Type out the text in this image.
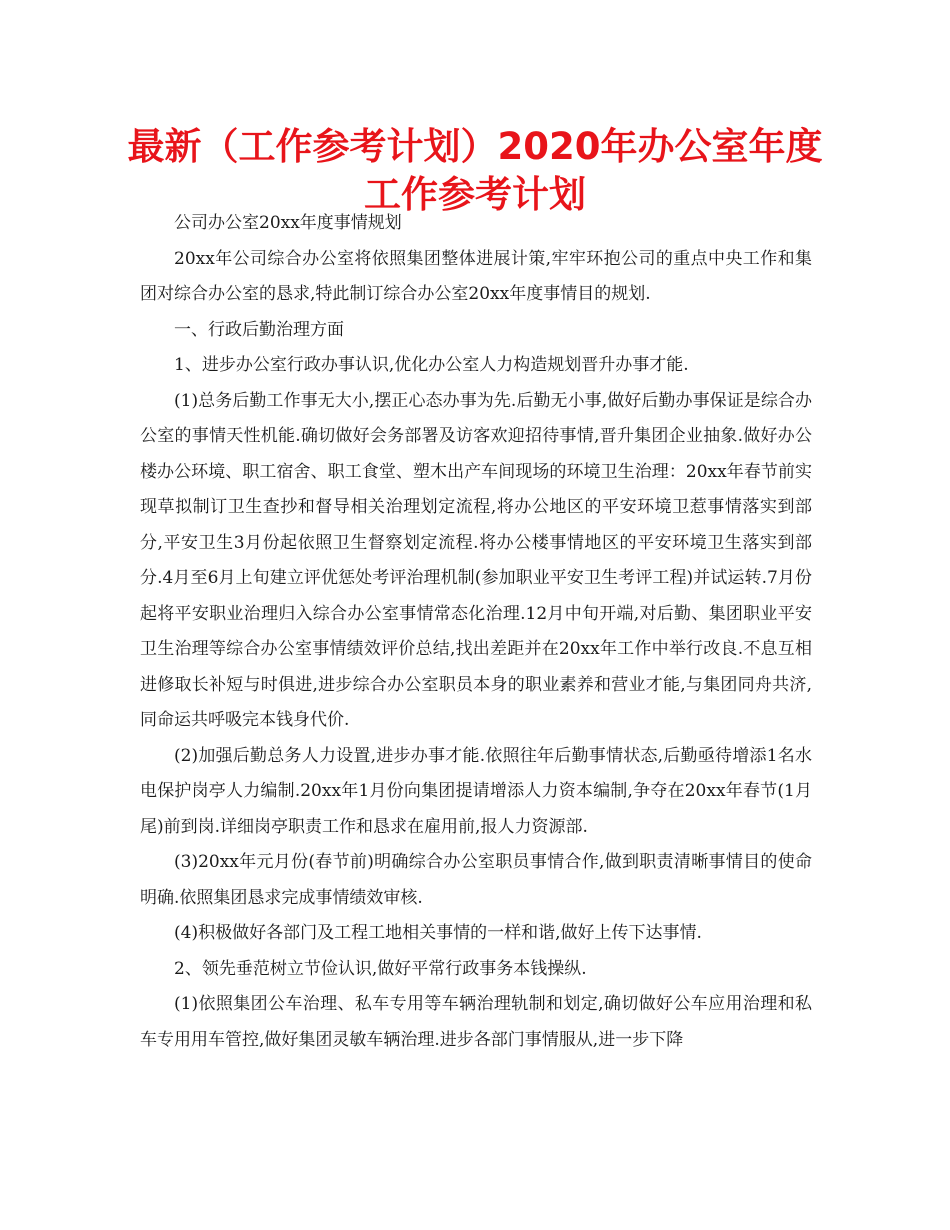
最新（工作参考计划）2020年办公室年度
工作参考计划

公司办公室20xx年度事情规划

20xx年公司综合办公室将依照集团整体进展计策,牢牢环抱公司的重点中央工作和集团对综合办公室的恳求,特此制订综合办公室20xx年度事情目的规划.

一、行政后勤治理方面

1、进步办公室行政办事认识,优化办公室人力构造规划晋升办事才能.

(1)总务后勤工作事无大小,摆正心态办事为先.后勤无小事,做好后勤办事保证是综合办公室的事情天性机能.确切做好会务部署及访客欢迎招待事情,晋升集团企业抽象.做好办公楼办公环境、职工宿舍、职工食堂、塑木出产车间现场的环境卫生治理：20xx年春节前实现草拟制订卫生查抄和督导相关治理划定流程,将办公地区的平安环境卫惹事情落实到部分,平安卫生3月份起依照卫生督察划定流程.将办公楼事情地区的平安环境卫生落实到部分.4月至6月上旬建立评优惩处考评治理机制(参加职业平安卫生考评工程)并试运转.7月份起将平安职业治理归入综合办公室事情常态化治理.12月中旬开端,对后勤、集团职业平安卫生治理等综合办公室事情绩效评价总结,找出差距并在20xx年工作中举行改良.不息互相进修取长补短与时俱进,进步综合办公室职员本身的职业素养和营业才能,与集团同舟共济,同命运共呼吸完本钱身代价.

(2)加强后勤总务人力设置,进步办事才能.依照往年后勤事情状态,后勤亟待增添1名水电保护岗亭人力编制.20xx年1月份向集团提请增添人力资本编制,争夺在20xx年春节(1月尾)前到岗.详细岗亭职责工作和恳求在雇用前,报人力资源部.

(3)20xx年元月份(春节前)明确综合办公室职员事情合作,做到职责清晰事情目的使命明确.依照集团恳求完成事情绩效审核.

(4)积极做好各部门及工程工地相关事情的一样和谐,做好上传下达事情.

2、领先垂范树立节俭认识,做好平常行政事务本钱操纵.

(1)依照集团公车治理、私车专用等车辆治理轨制和划定,确切做好公车应用治理和私车专用用车管控,做好集团灵敏车辆治理.进步各部门事情服从,进一步下降
